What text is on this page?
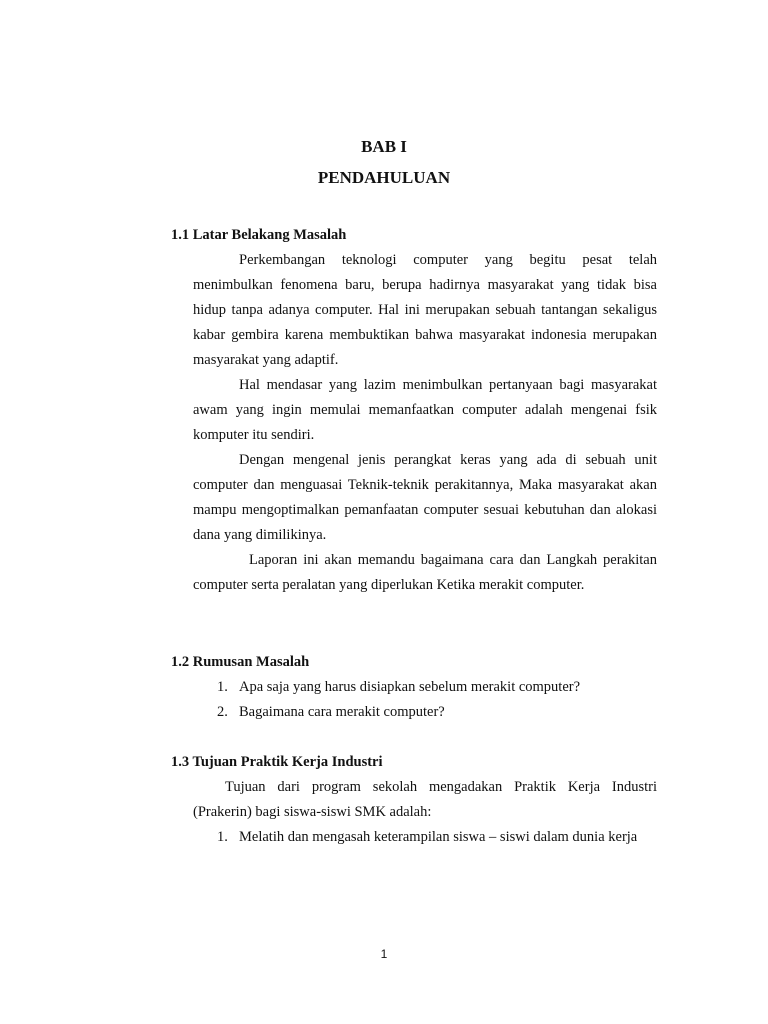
BAB I
PENDAHULUAN
1.1 Latar Belakang Masalah

Perkembangan teknologi computer yang begitu pesat telah menimbulkan fenomena baru, berupa hadirnya masyarakat yang tidak bisa hidup tanpa adanya computer. Hal ini merupakan sebuah tantangan sekaligus kabar gembira karena membuktikan bahwa masyarakat indonesia merupakan masyarakat yang adaptif.

Hal mendasar yang lazim menimbulkan pertanyaan bagi masyarakat awam yang ingin memulai memanfaatkan computer adalah mengenai fsik komputer itu sendiri.

Dengan mengenal jenis perangkat keras yang ada di sebuah unit computer dan menguasai Teknik-teknik perakitannya, Maka masyarakat akan mampu mengoptimalkan pemanfaatan computer sesuai kebutuhan dan alokasi dana yang dimilikinya.

Laporan ini akan memandu bagaimana cara dan Langkah perakitan computer serta peralatan yang diperlukan Ketika merakit computer.

1.2 Rumusan Masalah
1. Apa saja yang harus disiapkan sebelum merakit computer?
2. Bagaimana cara merakit computer?
1.3 Tujuan Praktik Kerja Industri

Tujuan dari program sekolah mengadakan Praktik Kerja Industri (Prakerin) bagi siswa-siswi SMK adalah:

1. Melatih dan mengasah keterampilan siswa – siswi dalam dunia kerja
1
